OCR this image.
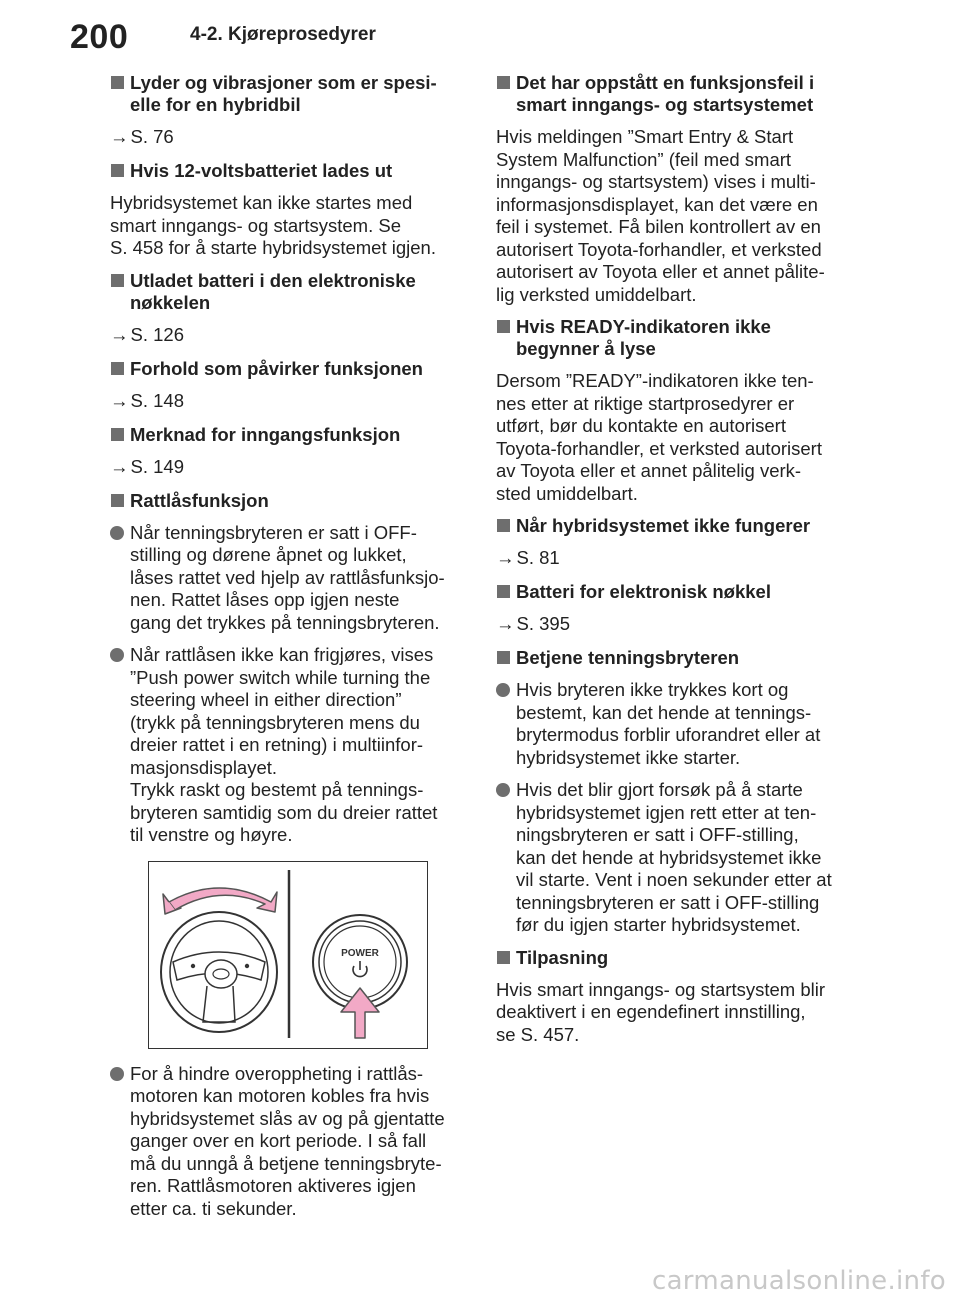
200	4-2. Kjøreprosedyrer
Lyder og vibrasjoner som er spesi-
elle for en hybridbil
→ S. 76
Hvis 12-voltsbatteriet lades ut
Hybridsystemet kan ikke startes med
smart inngangs- og startsystem. Se
S. 458 for å starte hybridsystemet igjen.
Utladet batteri i den elektroniske
nøkkelen
→ S. 126
Forhold som påvirker funksjonen
→ S. 148
Merknad for inngangsfunksjon
→ S. 149
Rattlåsfunksjon
Når tenningsbryteren er satt i OFF-
stilling og dørene åpnet og lukket,
låses rattet ved hjelp av rattlåsfunksjo-
nen. Rattet låses opp igjen neste
gang det trykkes på tenningsbryteren.
Når rattlåsen ikke kan frigjøres, vises
”Push power switch while turning the
steering wheel in either direction”
(trykk på tenningsbryteren mens du
dreier rattet i en retning) i multiinfor-
masjonsdisplayet.
Trykk raskt og bestemt på tennings-
bryteren samtidig som du dreier rattet
til venstre og høyre.
POWER
For å hindre overoppheting i rattlås-
motoren kan motoren kobles fra hvis
hybridsystemet slås av og på gjentatte
ganger over en kort periode. I så fall
må du unngå å betjene tenningsbryte-
ren. Rattlåsmotoren aktiveres igjen
etter ca. ti sekunder.
Det har oppstått en funksjonsfeil i
smart inngangs- og startsystemet
Hvis meldingen ”Smart Entry & Start
System Malfunction” (feil med smart
inngangs- og startsystem) vises i multi-
informasjonsdisplayet, kan det være en
feil i systemet. Få bilen kontrollert av en
autorisert Toyota-forhandler, et verksted
autorisert av Toyota eller et annet pålite-
lig verksted umiddelbart.
Hvis READY-indikatoren ikke
begynner å lyse
Dersom ”READY”-indikatoren ikke ten-
nes etter at riktige startprosedyrer er
utført, bør du kontakte en autorisert
Toyota-forhandler, et verksted autorisert
av Toyota eller et annet pålitelig verk-
sted umiddelbart.
Når hybridsystemet ikke fungerer
→ S. 81
Batteri for elektronisk nøkkel
→ S. 395
Betjene tenningsbryteren
Hvis bryteren ikke trykkes kort og
bestemt, kan det hende at tennings-
brytermodus forblir uforandret eller at
hybridsystemet ikke starter.
Hvis det blir gjort forsøk på å starte
hybridsystemet igjen rett etter at ten-
ningsbryteren er satt i OFF-stilling,
kan det hende at hybridsystemet ikke
vil starte. Vent i noen sekunder etter at
tenningsbryteren er satt i OFF-stilling
før du igjen starter hybridsystemet.
Tilpasning
Hvis smart inngangs- og startsystem blir
deaktivert i en egendefinert innstilling,
se S. 457.
carmanualsonline.info
